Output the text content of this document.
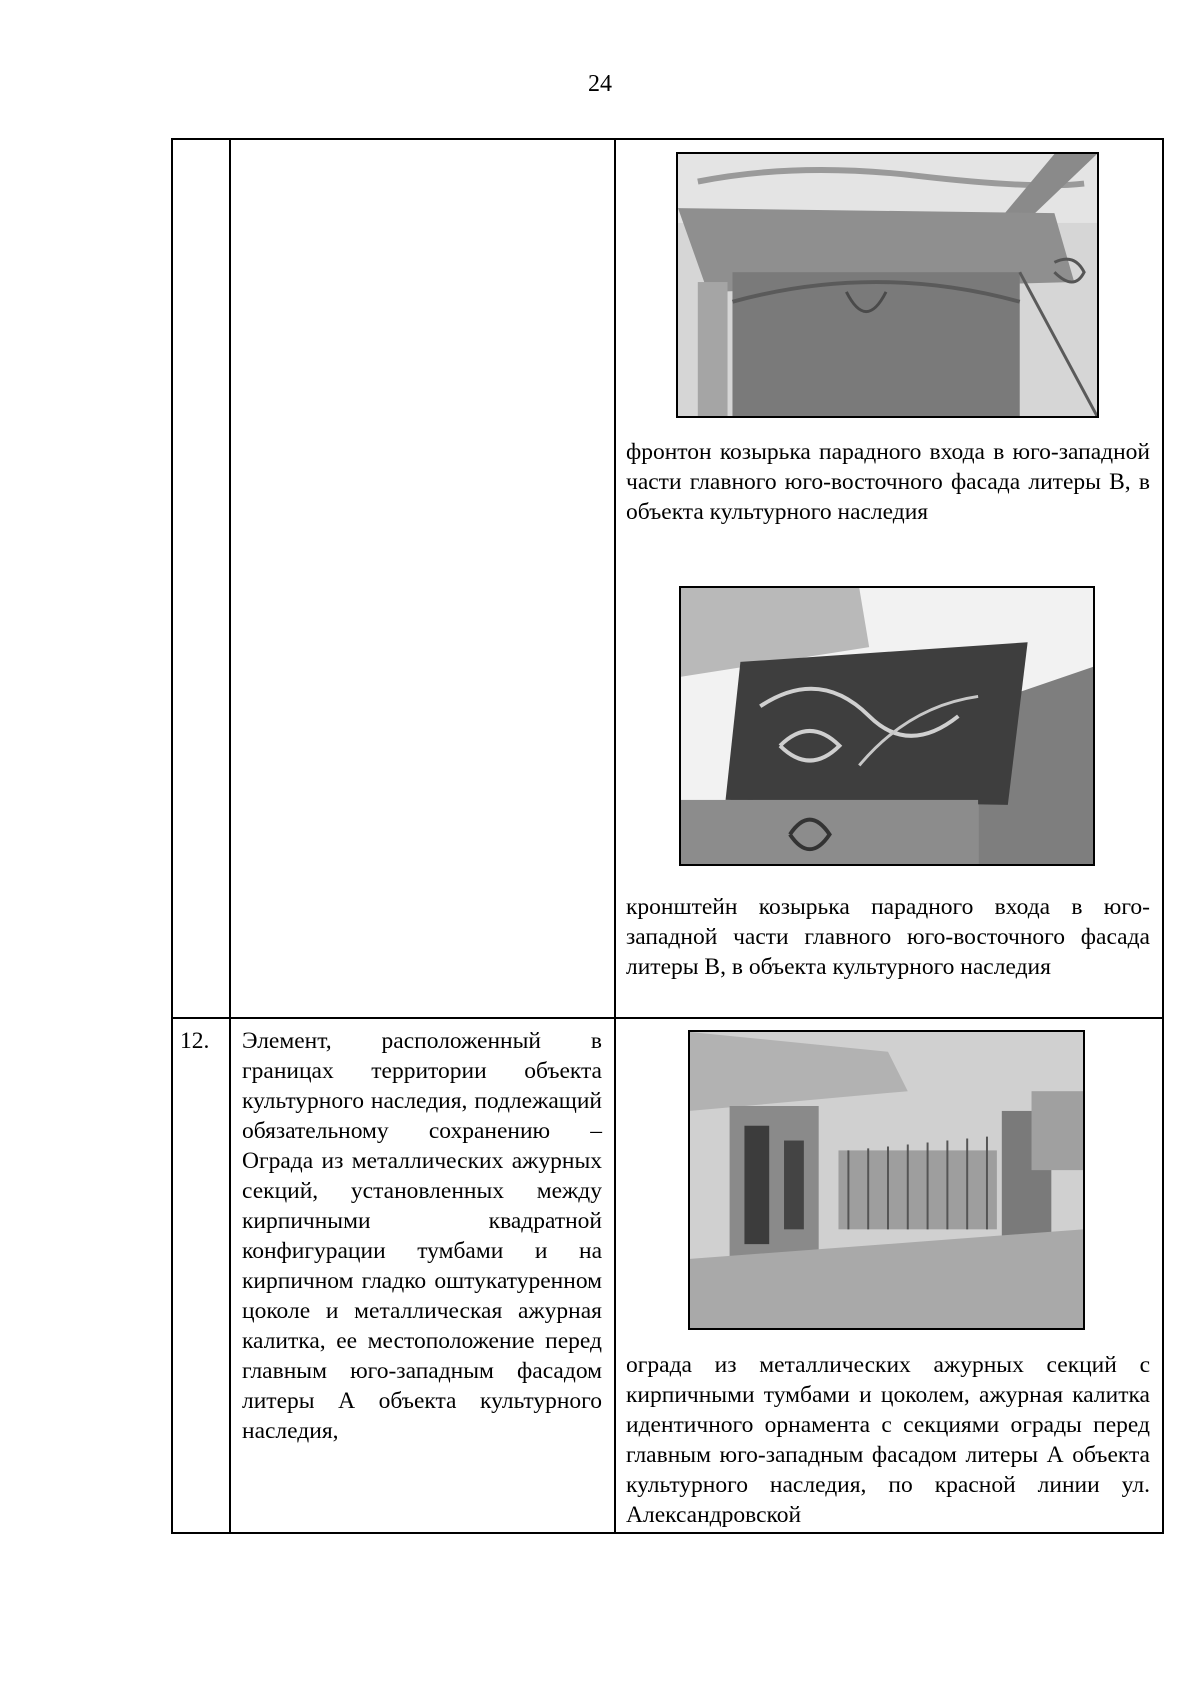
24
фронтон козырька парадного входа в юго-западной части главного юго-восточного фасада литеры В, в объекта культурного наследия
кронштейн козырька парадного входа в юго-западной части главного юго-восточного фасада литеры В, в объекта культурного наследия
12. Элемент, расположенный в границах территории объекта культурного наследия, подлежащий обязательному сохранению – Ограда из металлических ажурных секций, установленных между кирпичными квадратной конфигурации тумбами и на кирпичном гладко оштукатуренном цоколе и металлическая ажурная калитка, ее местоположение перед главным юго-западным фасадом литеры А объекта культурного наследия,
ограда из металлических ажурных секций с кирпичными тумбами и цоколем, ажурная калитка идентичного орнамента с секциями ограды перед главным юго-западным фасадом литеры А объекта культурного наследия, по красной линии ул. Александровской
